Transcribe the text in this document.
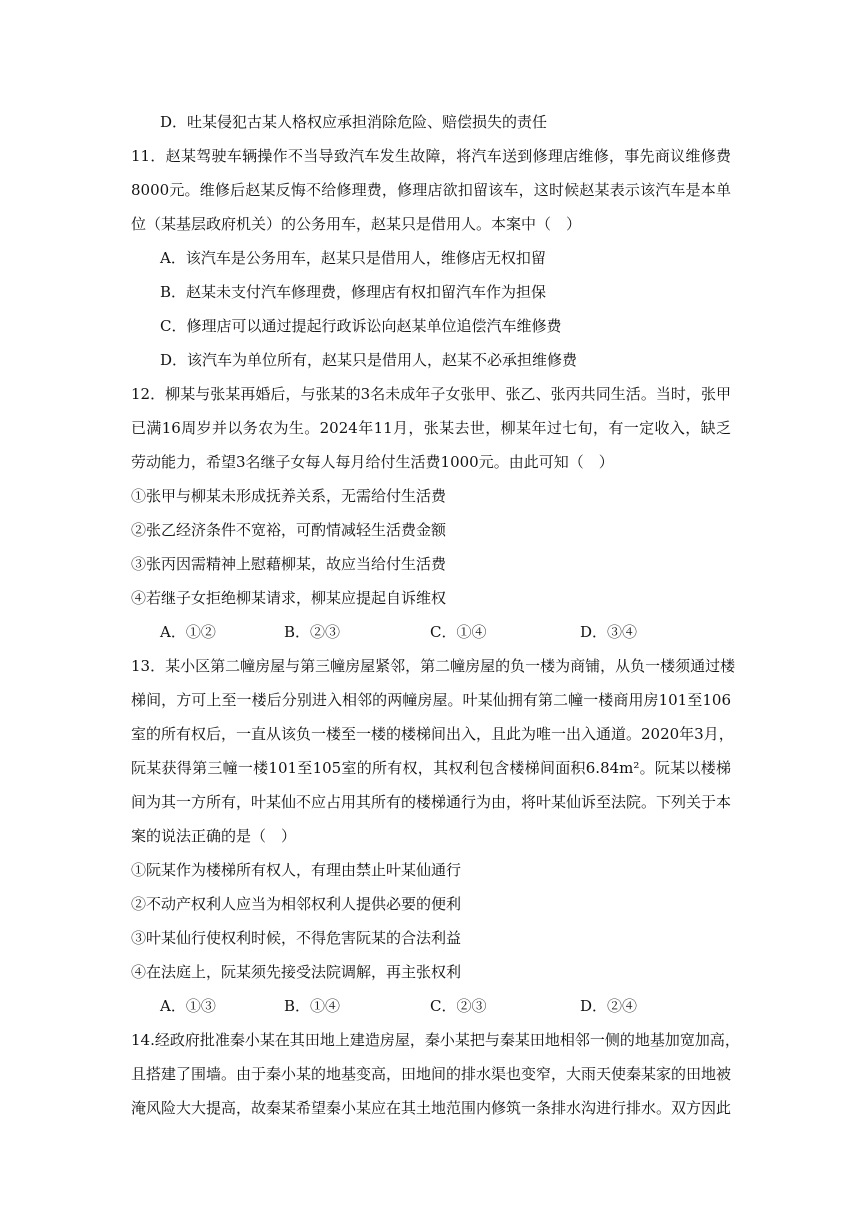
D．吐某侵犯古某人格权应承担消除危险、赔偿损失的责任
11．赵某驾驶车辆操作不当导致汽车发生故障，将汽车送到修理店维修，事先商议维修费
8000元。维修后赵某反悔不给修理费，修理店欲扣留该车，这时候赵某表示该汽车是本单
位（某基层政府机关）的公务用车，赵某只是借用人。本案中（　）
A．该汽车是公务用车，赵某只是借用人，维修店无权扣留
B．赵某未支付汽车修理费，修理店有权扣留汽车作为担保
C．修理店可以通过提起行政诉讼向赵某单位追偿汽车维修费
D．该汽车为单位所有，赵某只是借用人，赵某不必承担维修费
12．柳某与张某再婚后，与张某的3名未成年子女张甲、张乙、张丙共同生活。当时，张甲
已满16周岁并以务农为生。2024年11月，张某去世，柳某年过七旬，有一定收入，缺乏
劳动能力，希望3名继子女每人每月给付生活费1000元。由此可知（　）
①张甲与柳某未形成抚养关系，无需给付生活费
②张乙经济条件不宽裕，可酌情减轻生活费金额
③张丙因需精神上慰藉柳某，故应当给付生活费
④若继子女拒绝柳某请求，柳某应提起自诉维权
A．①②	B．②③	C．①④	D．③④
13．某小区第二幢房屋与第三幢房屋紧邻，第二幢房屋的负一楼为商铺，从负一楼须通过楼
梯间，方可上至一楼后分别进入相邻的两幢房屋。叶某仙拥有第二幢一楼商用房101至106
室的所有权后，一直从该负一楼至一楼的楼梯间出入，且此为唯一出入通道。2020年3月，
阮某获得第三幢一楼101至105室的所有权，其权利包含楼梯间面积6.84m²。阮某以楼梯
间为其一方所有，叶某仙不应占用其所有的楼梯通行为由，将叶某仙诉至法院。下列关于本
案的说法正确的是（　）
①阮某作为楼梯所有权人，有理由禁止叶某仙通行
②不动产权利人应当为相邻权利人提供必要的便利
③叶某仙行使权利时候，不得危害阮某的合法利益
④在法庭上，阮某须先接受法院调解，再主张权利
A．①③	B．①④	C．②③	D．②④
14.经政府批准秦小某在其田地上建造房屋，秦小某把与秦某田地相邻一侧的地基加宽加高，
且搭建了围墙。由于秦小某的地基变高，田地间的排水渠也变窄，大雨天使秦某家的田地被
淹风险大大提高，故秦某希望秦小某应在其土地范围内修筑一条排水沟进行排水。双方因此
